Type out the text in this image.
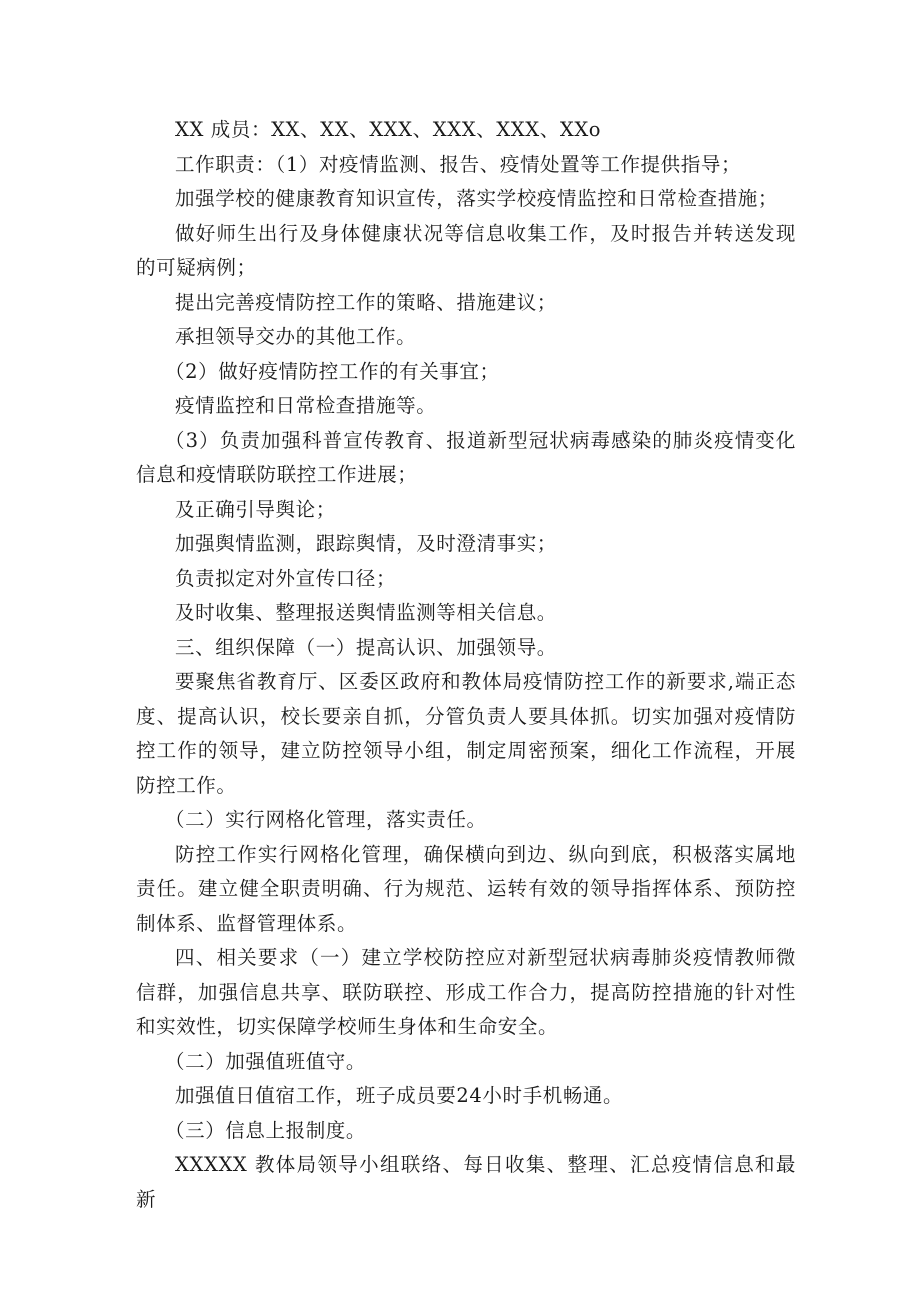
XX 成员：XX、XX、XXX、XXX、XXX、XXo

工作职责：（1）对疫情监测、报告、疫情处置等工作提供指导；

加强学校的健康教育知识宣传，落实学校疫情监控和日常检查措施；

做好师生出行及身体健康状况等信息收集工作，及时报告并转送发现的可疑病例；

提出完善疫情防控工作的策略、措施建议；

承担领导交办的其他工作。

（2）做好疫情防控工作的有关事宜；

疫情监控和日常检查措施等。

（3）负责加强科普宣传教育、报道新型冠状病毒感染的肺炎疫情变化信息和疫情联防联控工作进展；

及正确引导舆论；

加强舆情监测，跟踪舆情，及时澄清事实；

负责拟定对外宣传口径；

及时收集、整理报送舆情监测等相关信息。

三、组织保障（一）提高认识、加强领导。

要聚焦省教育厅、区委区政府和教体局疫情防控工作的新要求,端正态度、提高认识，校长要亲自抓，分管负责人要具体抓。切实加强对疫情防控工作的领导，建立防控领导小组，制定周密预案，细化工作流程，开展防控工作。

（二）实行网格化管理，落实责任。

防控工作实行网格化管理，确保横向到边、纵向到底，积极落实属地责任。建立健全职责明确、行为规范、运转有效的领导指挥体系、预防控制体系、监督管理体系。

四、相关要求（一）建立学校防控应对新型冠状病毒肺炎疫情教师微信群，加强信息共享、联防联控、形成工作合力，提高防控措施的针对性和实效性，切实保障学校师生身体和生命安全。

（二）加强值班值守。

加强值日值宿工作，班子成员要24小时手机畅通。

（三）信息上报制度。

XXXXX 教体局领导小组联络、每日收集、整理、汇总疫情信息和最新
